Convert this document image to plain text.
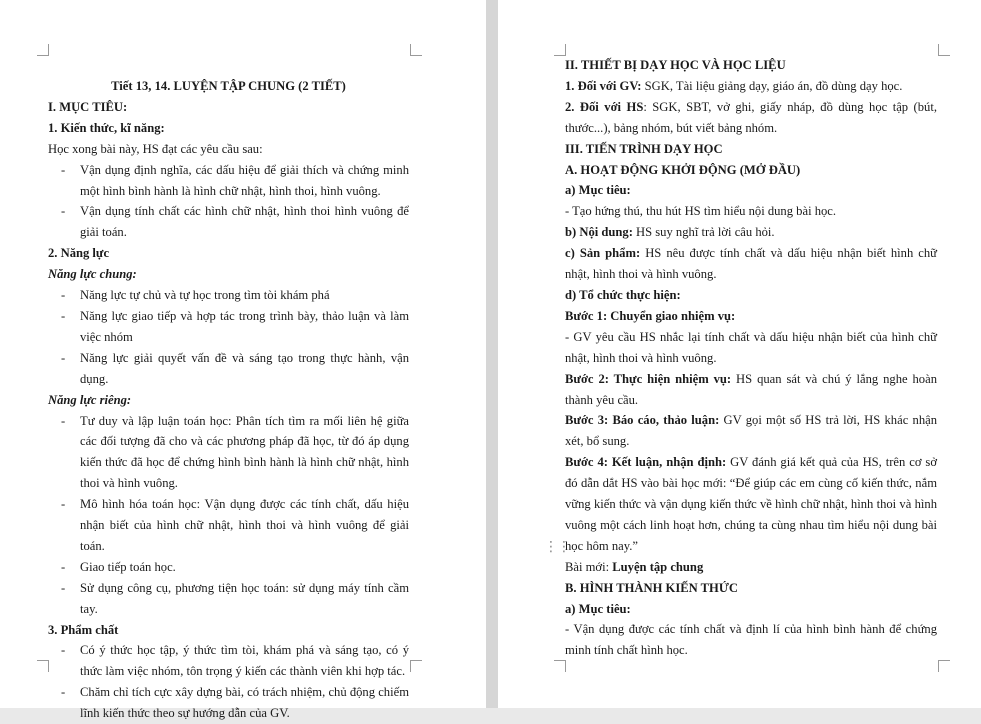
Tiết 13, 14. LUYỆN TẬP CHUNG (2 TIẾT)
I. MỤC TIÊU:
1. Kiến thức, kĩ năng:
Học xong bài này, HS đạt các yêu cầu sau:
- Vận dụng định nghĩa, các dấu hiệu để giải thích và chứng minh một hình bình hành là hình chữ nhật, hình thoi, hình vuông.
- Vận dụng tính chất các hình chữ nhật, hình thoi hình vuông để giải toán.
2. Năng lực
Năng lực chung:
- Năng lực tự chủ và tự học trong tìm tòi khám phá
- Năng lực giao tiếp và hợp tác trong trình bày, thảo luận và làm việc nhóm
- Năng lực giải quyết vấn đề và sáng tạo trong thực hành, vận dụng.
Năng lực riêng:
- Tư duy và lập luận toán học: Phân tích tìm ra mối liên hệ giữa các đối tượng đã cho và các phương pháp đã học, từ đó áp dụng kiến thức đã học để chứng hình bình hành là hình chữ nhật, hình thoi và hình vuông.
- Mô hình hóa toán học: Vận dụng được các tính chất, dấu hiệu nhận biết của hình chữ nhật, hình thoi và hình vuông để giải toán.
- Giao tiếp toán học.
- Sử dụng công cụ, phương tiện học toán: sử dụng máy tính cầm tay.
3. Phẩm chất
- Có ý thức học tập, ý thức tìm tòi, khám phá và sáng tạo, có ý thức làm việc nhóm, tôn trọng ý kiến các thành viên khi hợp tác.
- Chăm chỉ tích cực xây dựng bài, có trách nhiệm, chủ động chiếm lĩnh kiến thức theo sự hướng dẫn của GV.
⋮⋮
II. THIẾT BỊ DẠY HỌC VÀ HỌC LIỆU
1. Đối với GV: SGK, Tài liệu giảng dạy, giáo án, đồ dùng dạy học.
2. Đối với HS: SGK, SBT, vở ghi, giấy nháp, đồ dùng học tập (bút, thước...), bảng nhóm, bút viết bảng nhóm.
III. TIẾN TRÌNH DẠY HỌC
A. HOẠT ĐỘNG KHỞI ĐỘNG (MỞ ĐẦU)
a) Mục tiêu:
- Tạo hứng thú, thu hút HS tìm hiểu nội dung bài học.
b) Nội dung: HS suy nghĩ trả lời câu hỏi.
c) Sản phẩm: HS nêu được tính chất và dấu hiệu nhận biết hình chữ nhật, hình thoi và hình vuông.
d) Tổ chức thực hiện:
Bước 1: Chuyển giao nhiệm vụ:
- GV yêu cầu HS nhắc lại tính chất và dấu hiệu nhận biết của hình chữ nhật, hình thoi và hình vuông.
Bước 2: Thực hiện nhiệm vụ: HS quan sát và chú ý lắng nghe hoàn thành yêu cầu.
Bước 3: Báo cáo, thảo luận: GV gọi một số HS trả lời, HS khác nhận xét, bổ sung.
Bước 4: Kết luận, nhận định: GV đánh giá kết quả của HS, trên cơ sở đó dẫn dắt HS vào bài học mới: “Để giúp các em cùng cố kiến thức, nắm vững kiến thức và vận dụng kiến thức về hình chữ nhật, hình thoi và hình vuông một cách linh hoạt hơn, chúng ta cùng nhau tìm hiểu nội dung bài học hôm nay.”
Bài mới: Luyện tập chung
B. HÌNH THÀNH KIẾN THỨC
a) Mục tiêu:
- Vận dụng được các tính chất và định lí của hình bình hành để chứng minh tính chất hình học.
